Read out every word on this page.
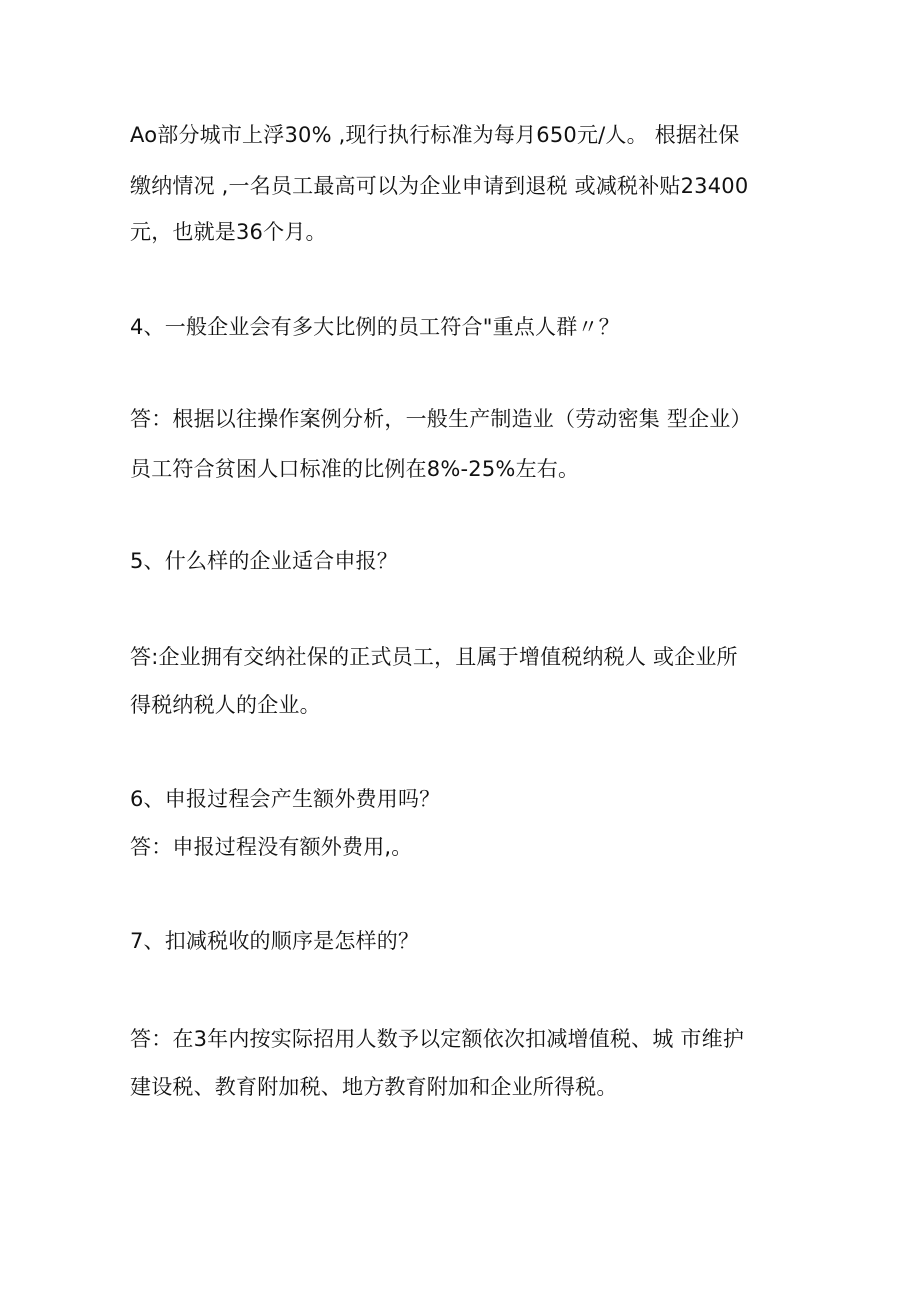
Ao部分城市上浮30% ,现行执行标准为每月650元/人。 根据社保
缴纳情况 ,一名员工最高可以为企业申请到退税 或减税补贴23400
元，也就是36个月。
4、一般企业会有多大比例的员工符合"重点人群〃？
答：根据以往操作案例分析，一般生产制造业（劳动密集 型企业）
员工符合贫困人口标准的比例在8%-25%左右。
5、什么样的企业适合申报？
答:企业拥有交纳社保的正式员工，且属于增值税纳税人 或企业所
得税纳税人的企业。
6、申报过程会产生额外费用吗？
答：申报过程没有额外费用,。
7、扣减税收的顺序是怎样的？
答：在3年内按实际招用人数予以定额依次扣减增值税、城 市维护
建设税、教育附加税、地方教育附加和企业所得税。
